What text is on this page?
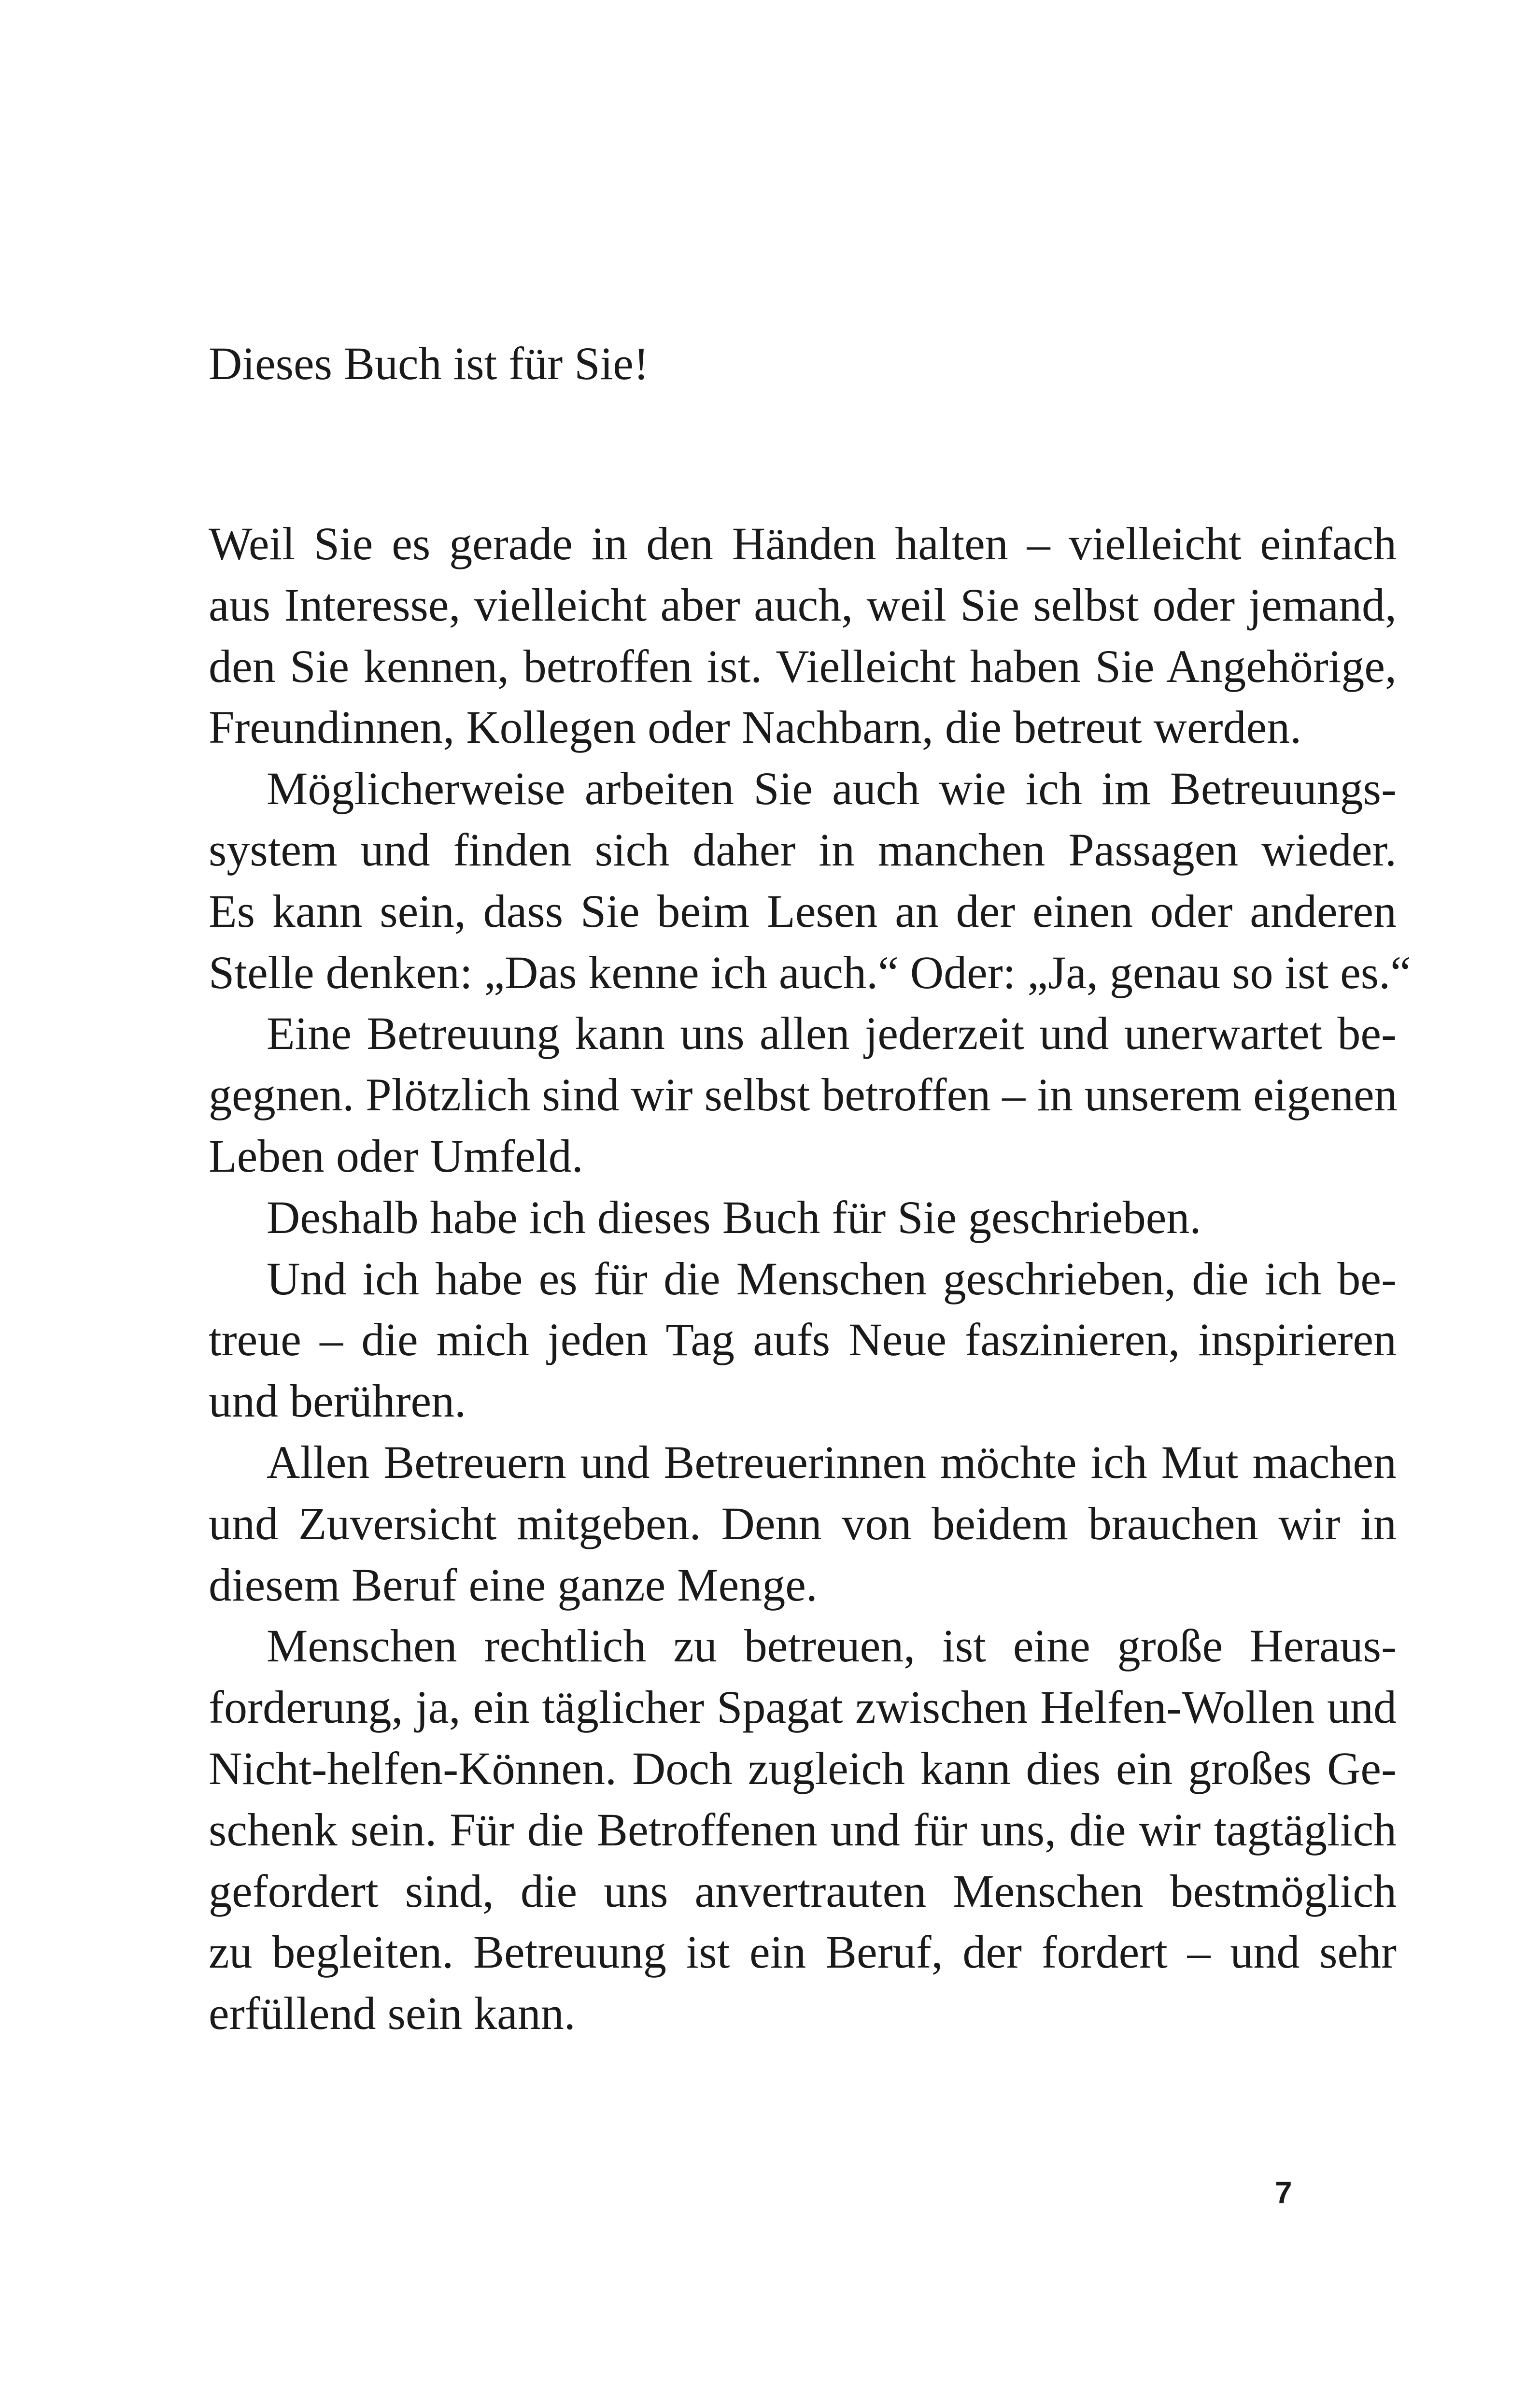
Dieses Buch ist für Sie!
Weil Sie es gerade in den Händen halten – vielleicht einfach
aus Interesse, vielleicht aber auch, weil Sie selbst oder jemand,
den Sie kennen, betroffen ist. Vielleicht haben Sie Angehörige,
Freundinnen, Kollegen oder Nachbarn, die betreut werden.
Möglicherweise arbeiten Sie auch wie ich im Betreuungs-
system und finden sich daher in manchen Passagen wieder.
Es kann sein, dass Sie beim Lesen an der einen oder anderen
Stelle denken: „Das kenne ich auch.“ Oder: „Ja, genau so ist es.“
Eine Betreuung kann uns allen jederzeit und unerwartet be-
gegnen. Plötzlich sind wir selbst betroffen – in unserem eigenen
Leben oder Umfeld.
Deshalb habe ich dieses Buch für Sie geschrieben.
Und ich habe es für die Menschen geschrieben, die ich be-
treue – die mich jeden Tag aufs Neue faszinieren, inspirieren
und berühren.
Allen Betreuern und Betreuerinnen möchte ich Mut machen
und Zuversicht mitgeben. Denn von beidem brauchen wir in
diesem Beruf eine ganze Menge.
Menschen rechtlich zu betreuen, ist eine große Heraus-
forderung, ja, ein täglicher Spagat zwischen Helfen-Wollen und
Nicht-helfen-Können. Doch zugleich kann dies ein großes Ge-
schenk sein. Für die Betroffenen und für uns, die wir tagtäglich
gefordert sind, die uns anvertrauten Menschen bestmöglich
zu begleiten. Betreuung ist ein Beruf, der fordert – und sehr
erfüllend sein kann.
7
